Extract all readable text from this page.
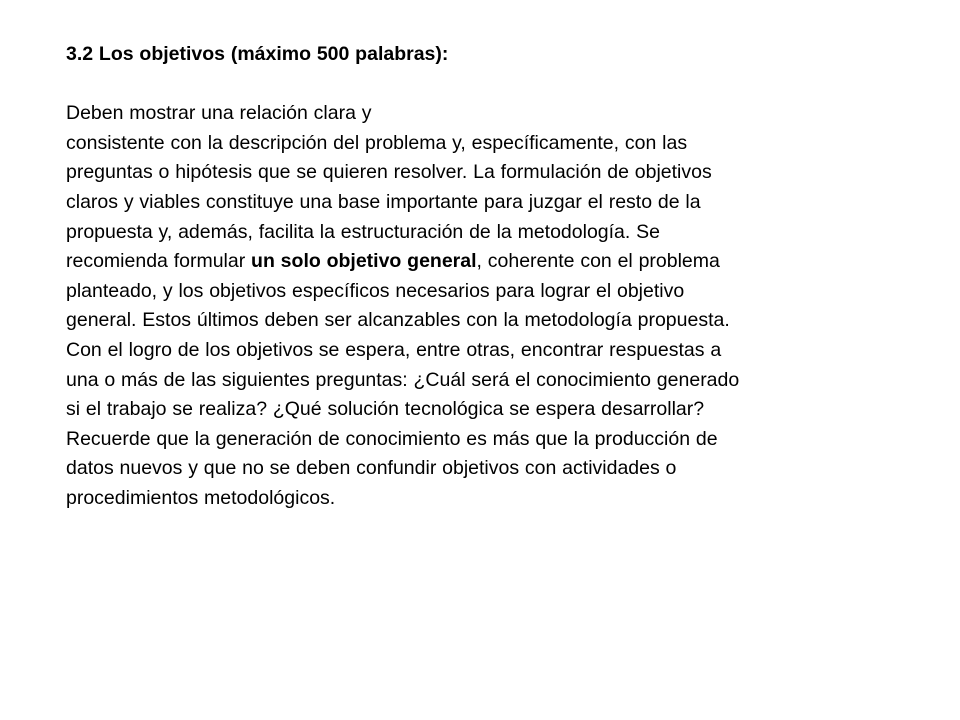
3.2 Los objetivos (máximo 500 palabras):

Deben mostrar una relación clara y

consistente con la descripción del problema y, específicamente, con las

preguntas o hipótesis que se quieren resolver. La formulación de objetivos

claros y viables constituye una base importante para juzgar el resto de la

propuesta y, además, facilita la estructuración de la metodología. Se

recomienda formular un solo objetivo general, coherente con el problema

planteado, y los objetivos específicos necesarios para lograr el objetivo

general. Estos últimos deben ser alcanzables con la metodología propuesta.

Con el logro de los objetivos se espera, entre otras, encontrar respuestas a

una o más de las siguientes preguntas: ¿Cuál será el conocimiento generado

si el trabajo se realiza? ¿Qué solución tecnológica se espera desarrollar?

Recuerde que la generación de conocimiento es más que la producción de

datos nuevos y que no se deben confundir objetivos con actividades o

procedimientos metodológicos.
